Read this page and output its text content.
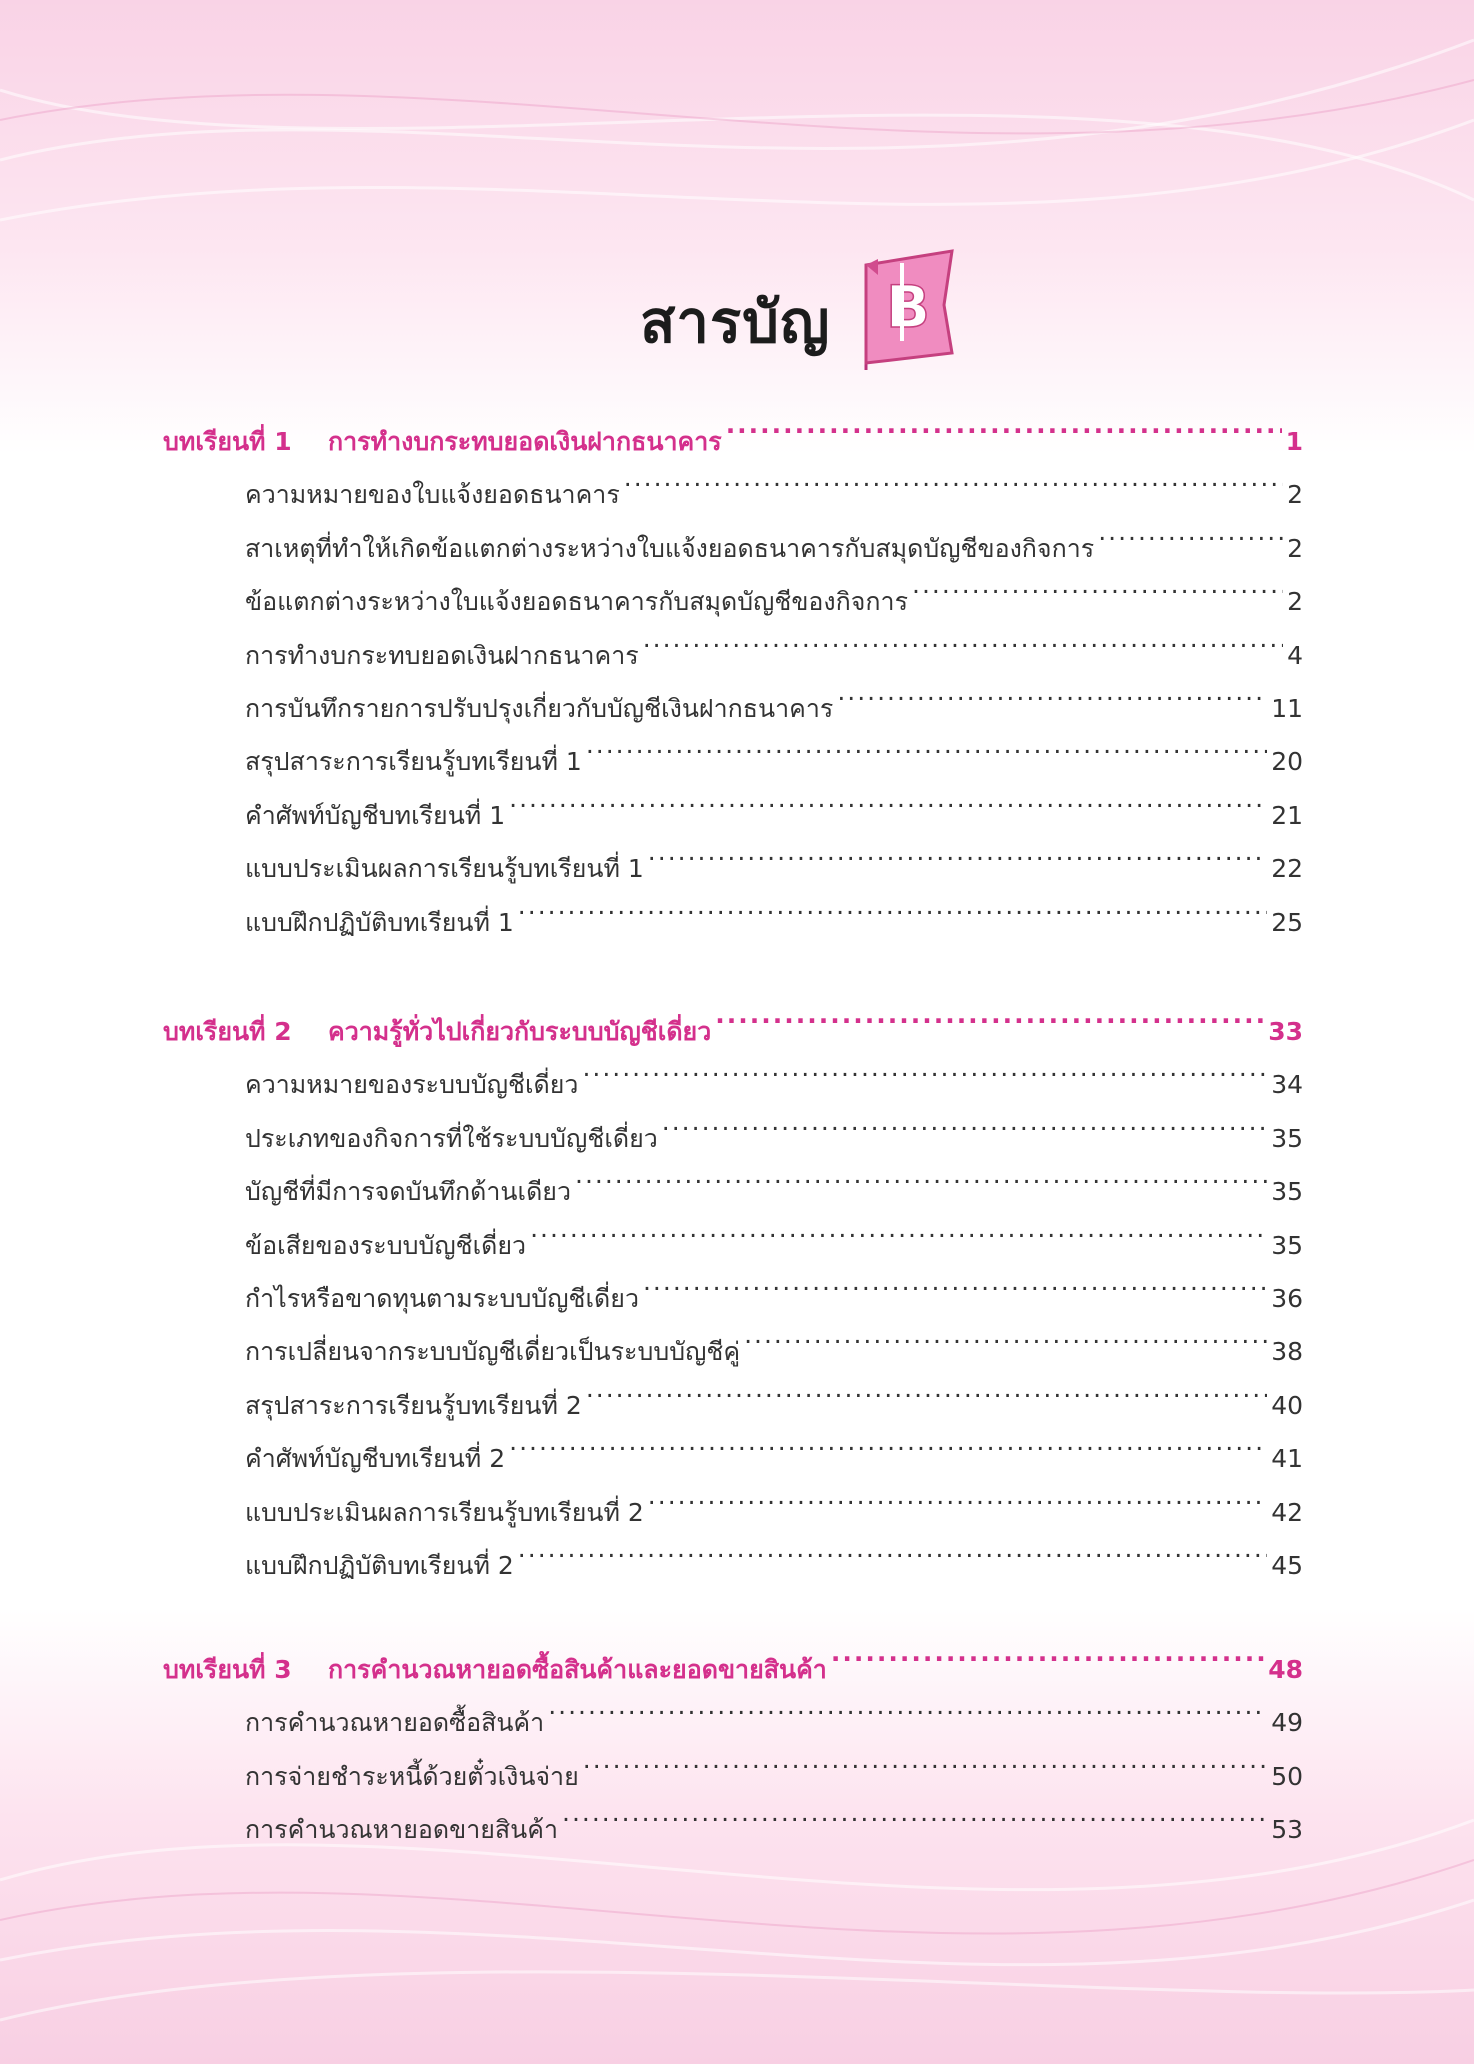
สารบัญ B
บทเรียนที่ 1	การทำงบกระทบยอดเงินฝากธนาคาร .....	1
ความหมายของใบแจ้งยอดธนาคาร .....	2
สาเหตุที่ทำให้เกิดข้อแตกต่างระหว่างใบแจ้งยอดธนาคารกับสมุดบัญชีของกิจการ .....	2
ข้อแตกต่างระหว่างใบแจ้งยอดธนาคารกับสมุดบัญชีของกิจการ .....	2
การทำงบกระทบยอดเงินฝากธนาคาร .....	4
การบันทึกรายการปรับปรุงเกี่ยวกับบัญชีเงินฝากธนาคาร .....	11
สรุปสาระการเรียนรู้บทเรียนที่ 1 .....	20
คำศัพท์บัญชีบทเรียนที่ 1 .....	21
แบบประเมินผลการเรียนรู้บทเรียนที่ 1 .....	22
แบบฝึกปฏิบัติบทเรียนที่ 1 .....	25
บทเรียนที่ 2	ความรู้ทั่วไปเกี่ยวกับระบบบัญชีเดี่ยว .....	33
ความหมายของระบบบัญชีเดี่ยว .....	34
ประเภทของกิจการที่ใช้ระบบบัญชีเดี่ยว .....	35
บัญชีที่มีการจดบันทึกด้านเดียว .....	35
ข้อเสียของระบบบัญชีเดี่ยว .....	35
กำไรหรือขาดทุนตามระบบบัญชีเดี่ยว .....	36
การเปลี่ยนจากระบบบัญชีเดี่ยวเป็นระบบบัญชีคู่ .....	38
สรุปสาระการเรียนรู้บทเรียนที่ 2 .....	40
คำศัพท์บัญชีบทเรียนที่ 2 .....	41
แบบประเมินผลการเรียนรู้บทเรียนที่ 2 .....	42
แบบฝึกปฏิบัติบทเรียนที่ 2 .....	45
บทเรียนที่ 3	การคำนวณหายอดซื้อสินค้าและยอดขายสินค้า .....	48
การคำนวณหายอดซื้อสินค้า .....	49
การจ่ายชำระหนี้ด้วยตั๋วเงินจ่าย .....	50
การคำนวณหายอดขายสินค้า .....	53
